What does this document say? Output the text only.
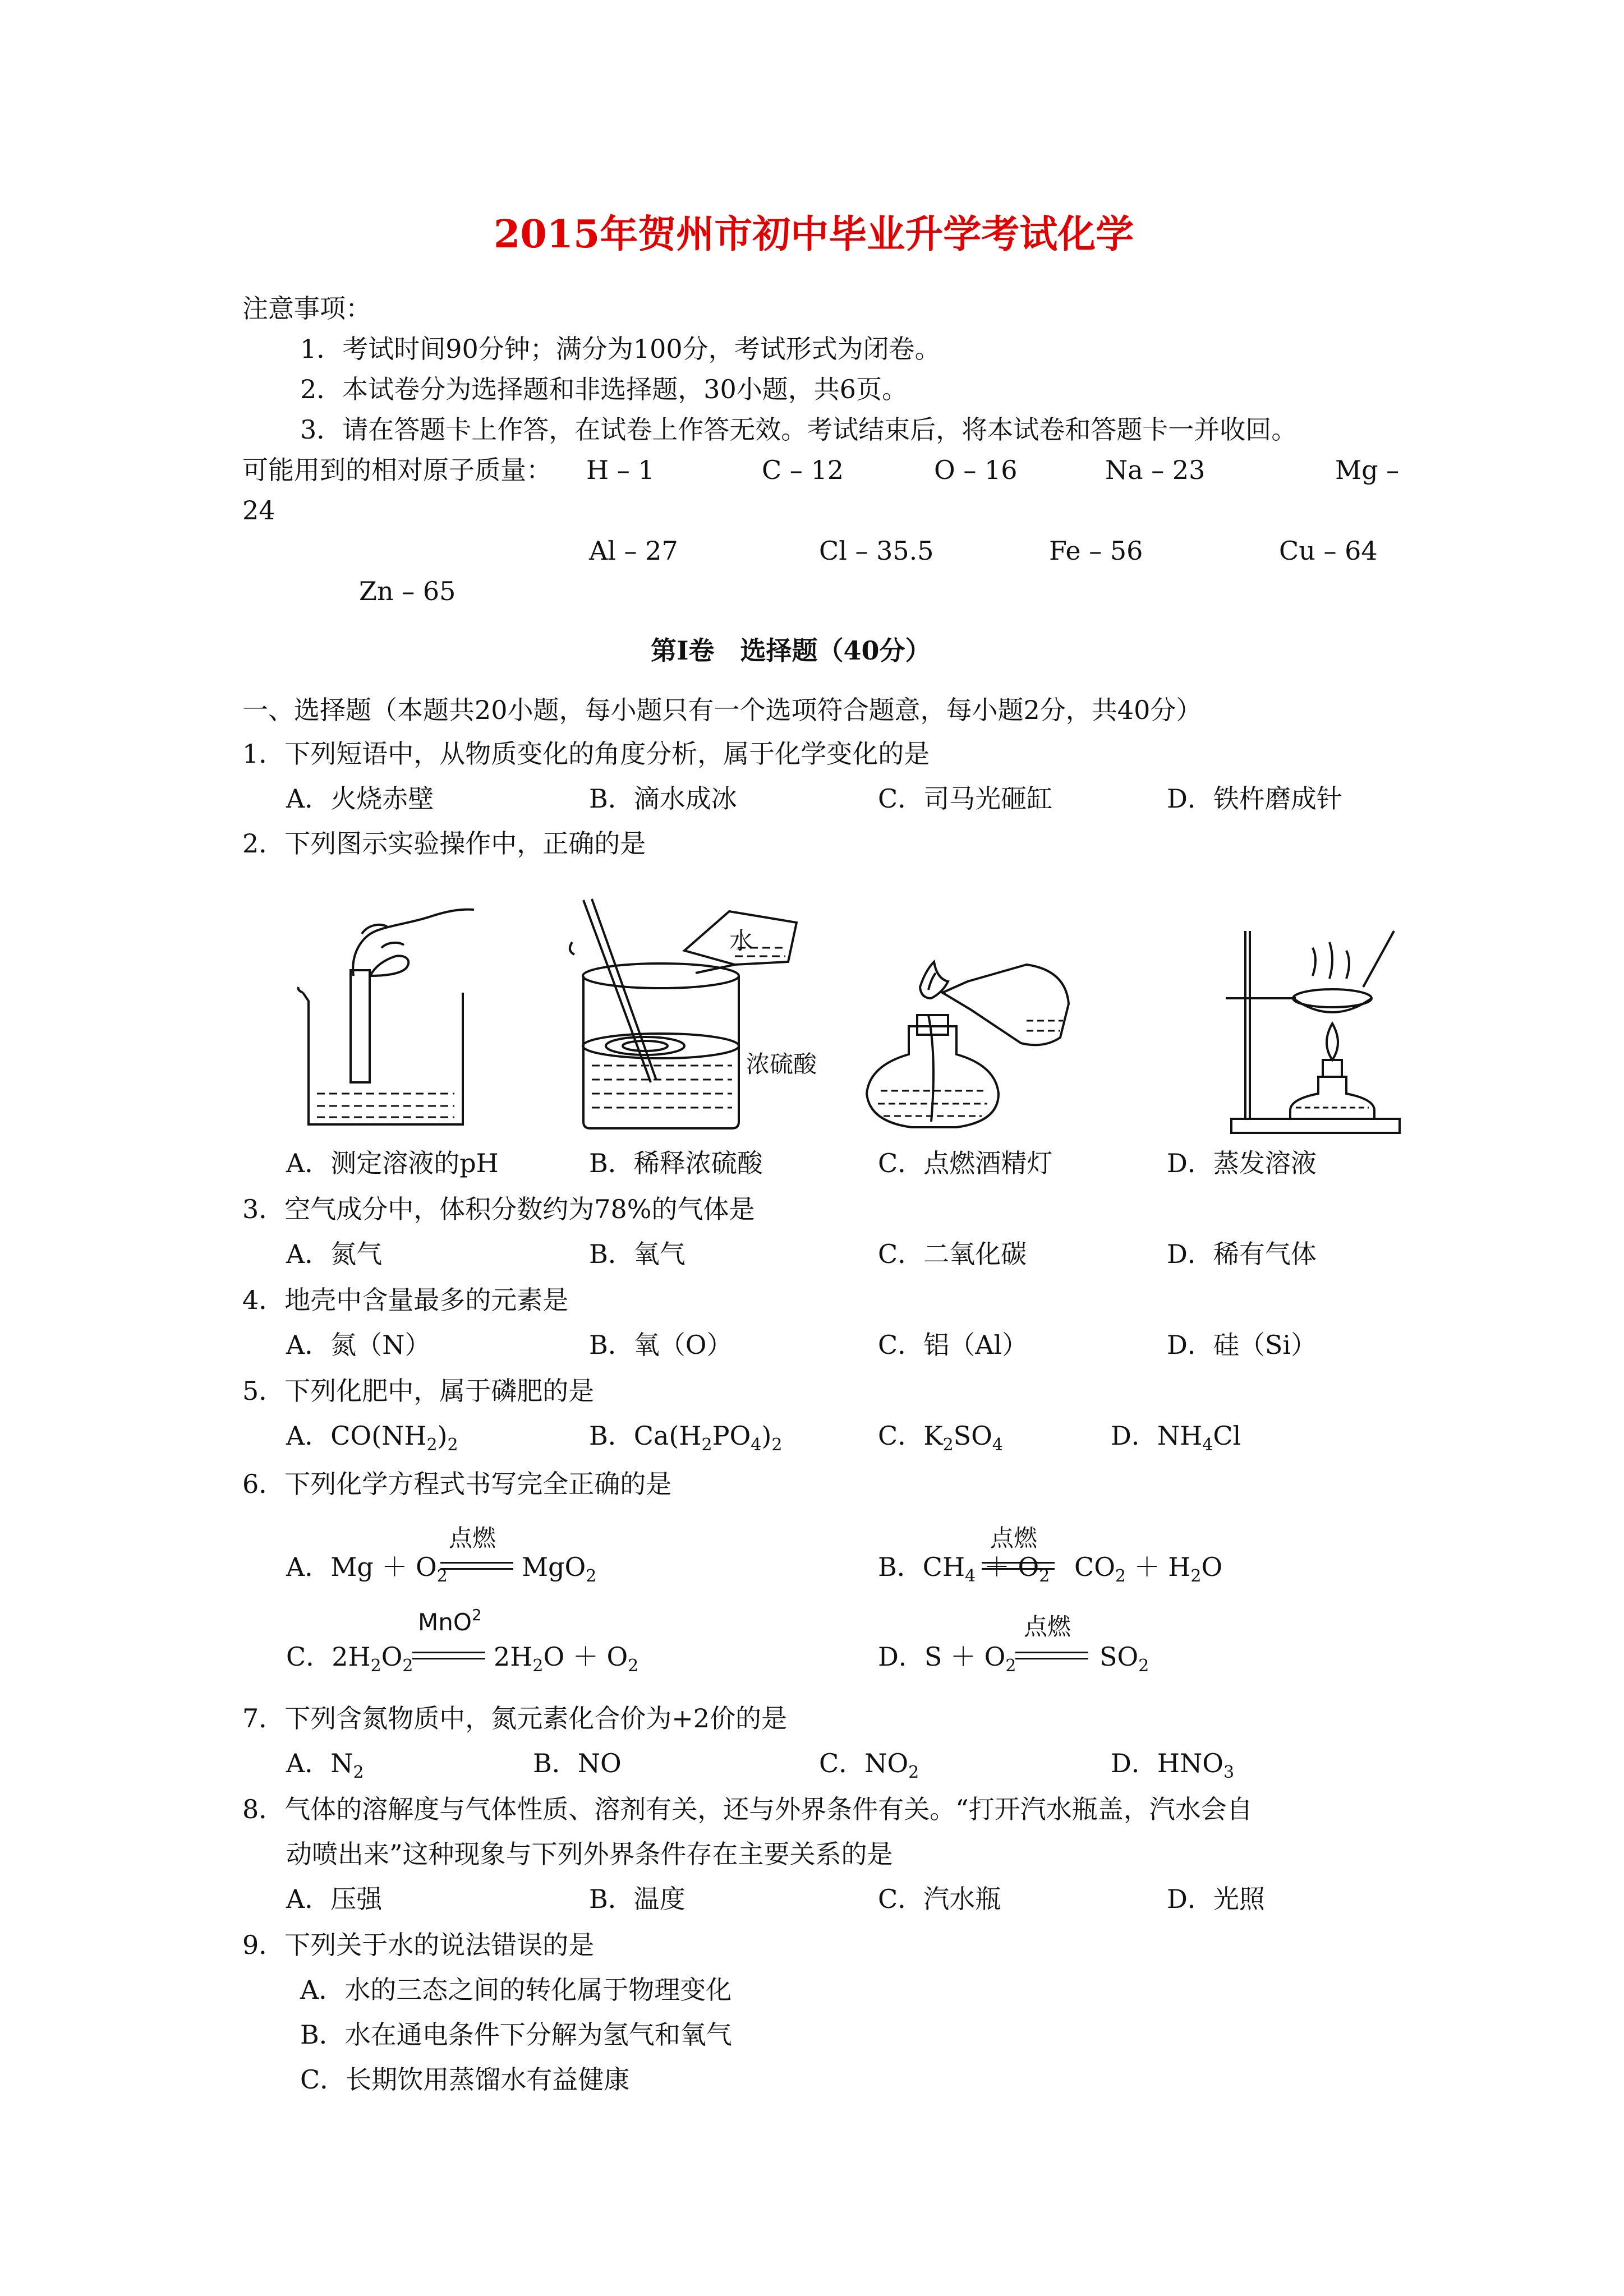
2015年贺州市初中毕业升学考试化学
注意事项：
1．考试时间90分钟；满分为100分，考试形式为闭卷。
2．本试卷分为选择题和非选择题，30小题，共6页。
3．请在答题卡上作答，在试卷上作答无效。考试结束后，将本试卷和答题卡一并收回。
可能用到的相对原子质量： H – 1	C – 12	O – 16	Na – 23	Mg –
24
Al – 27	Cl – 35.5	Fe – 56	Cu – 64
Zn – 65
第Ⅰ卷　选择题（40分）
一、选择题（本题共20小题，每小题只有一个选项符合题意，每小题2分，共40分）
1．下列短语中，从物质变化的角度分析，属于化学变化的是
A．火烧赤壁	B．滴水成冰	C．司马光砸缸	D．铁杵磨成针
2．下列图示实验操作中，正确的是
水
浓硫酸
A．测定溶液的pH	B．稀释浓硫酸	C．点燃酒精灯	D．蒸发溶液
3．空气成分中，体积分数约为78%的气体是
A．氮气	B．氧气	C．二氧化碳	D．稀有气体
4．地壳中含量最多的元素是
A．氮（N）	B．氧（O）	C．铝（Al）	D．硅（Si）
5．下列化肥中，属于磷肥的是
A．$CO(NH_2)_2$	B．$Ca(H_2PO_4)_2$	C．$K_2SO_4$	D．$NH_4Cl$
6．下列化学方程式书写完全正确的是
A．$Mg + O_2$
点燃
MgO$_2$	B．$CH_4 + O_2$
点燃
$CO_2 + H_2O$
C．$2H_2O_2$
MnO$^2$
$2H_2O + O_2$	D．$S + O_2$
点燃
$SO_2$
7．下列含氮物质中，氮元素化合价为+2价的是
A．$N_2$	B．NO	C．$NO_2$	D．$HNO_3$
8．气体的溶解度与气体性质、溶剂有关，还与外界条件有关。“打开汽水瓶盖，汽水会自
动喷出来”这种现象与下列外界条件存在主要关系的是
A．压强	B．温度	C．汽水瓶	D．光照
9．下列关于水的说法错误的是
A．水的三态之间的转化属于物理变化
B．水在通电条件下分解为氢气和氧气
C．长期饮用蒸馏水有益健康
